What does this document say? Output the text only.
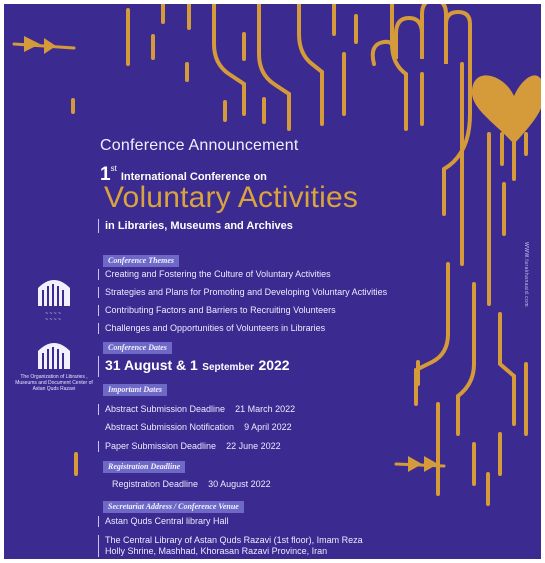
Conference Announcement
1stInternational Conference on
Voluntary Activities
in Libraries, Museums and Archives
Conference Themes
Creating and Fostering the Culture of Voluntary Activities
Strategies and Plans for Promoting and Developing Voluntary Activities
Contributing Factors and Barriers to Recruiting Volunteers
Challenges and Opportunities of Volunteers in Libraries
Conference Dates
31 August & 1 September 2022
Important Dates
Abstract Submission Deadline 21 March 2022
Abstract Submission Notification 9 April 2022
Paper Submission Deadline 22 June 2022
Registration Deadline
Registration Deadline 30 August 2022
Secretariat Address / Conference Venue
Astan Quds Central library Hall
The Central Library of Astan Quds Razavi (1st floor), Imam Reza
Holly Shrine, Mashhad, Khorasan Razavi Province, Iran
WWW.farakhanaaid.com
~ ~ ~ ~
~ ~ ~ ~
The Organization of Libraries ,
Museums and Document Center of
Astan Quds Razavi
